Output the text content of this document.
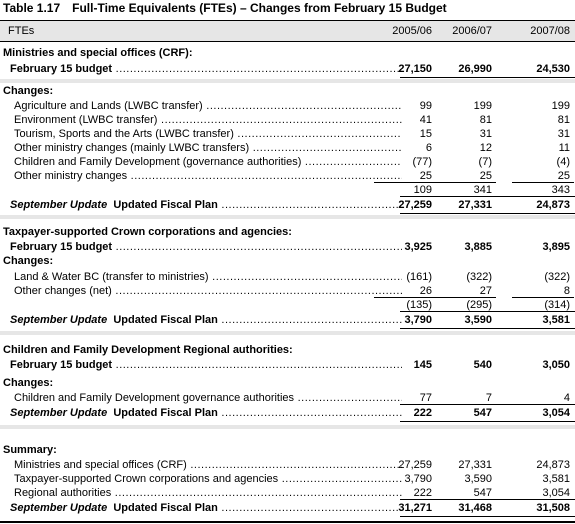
Table 1.17 Full-Time Equivalents (FTEs) – Changes from February 15 Budget
FTEs	2005/06	2006/07	2007/08
Ministries and special offices (CRF):
February 15 budget .....	27,150	26,990	24,530
Changes:
Agriculture and Lands (LWBC transfer) .....	99	199	199
Environment (LWBC transfer) .....	41	81	81
Tourism, Sports and the Arts (LWBC transfer) .....	15	31	31
Other ministry changes (mainly LWBC transfers) .....	6	12	11
Children and Family Development (governance authorities) .....	(77)	(7)	(4)
Other ministry changes .....	25	25	25
109	341	343
September Update Updated Fiscal Plan .....	27,259	27,331	24,873
Taxpayer-supported Crown corporations and agencies:
February 15 budget .....	3,925	3,885	3,895
Changes:
Land & Water BC (transfer to ministries) .....	(161)	(322)	(322)
Other changes (net) .....	26	27	8
(135)	(295)	(314)
September Update Updated Fiscal Plan .....	3,790	3,590	3,581
Children and Family Development Regional authorities:
February 15 budget .....	145	540	3,050
Changes:
Children and Family Development governance authorities .....	77	7	4
September Update Updated Fiscal Plan .....	222	547	3,054
Summary:
Ministries and special offices (CRF) .....	27,259	27,331	24,873
Taxpayer-supported Crown corporations and agencies .....	3,790	3,590	3,581
Regional authorities .....	222	547	3,054
September Update Updated Fiscal Plan .....	31,271	31,468	31,508
